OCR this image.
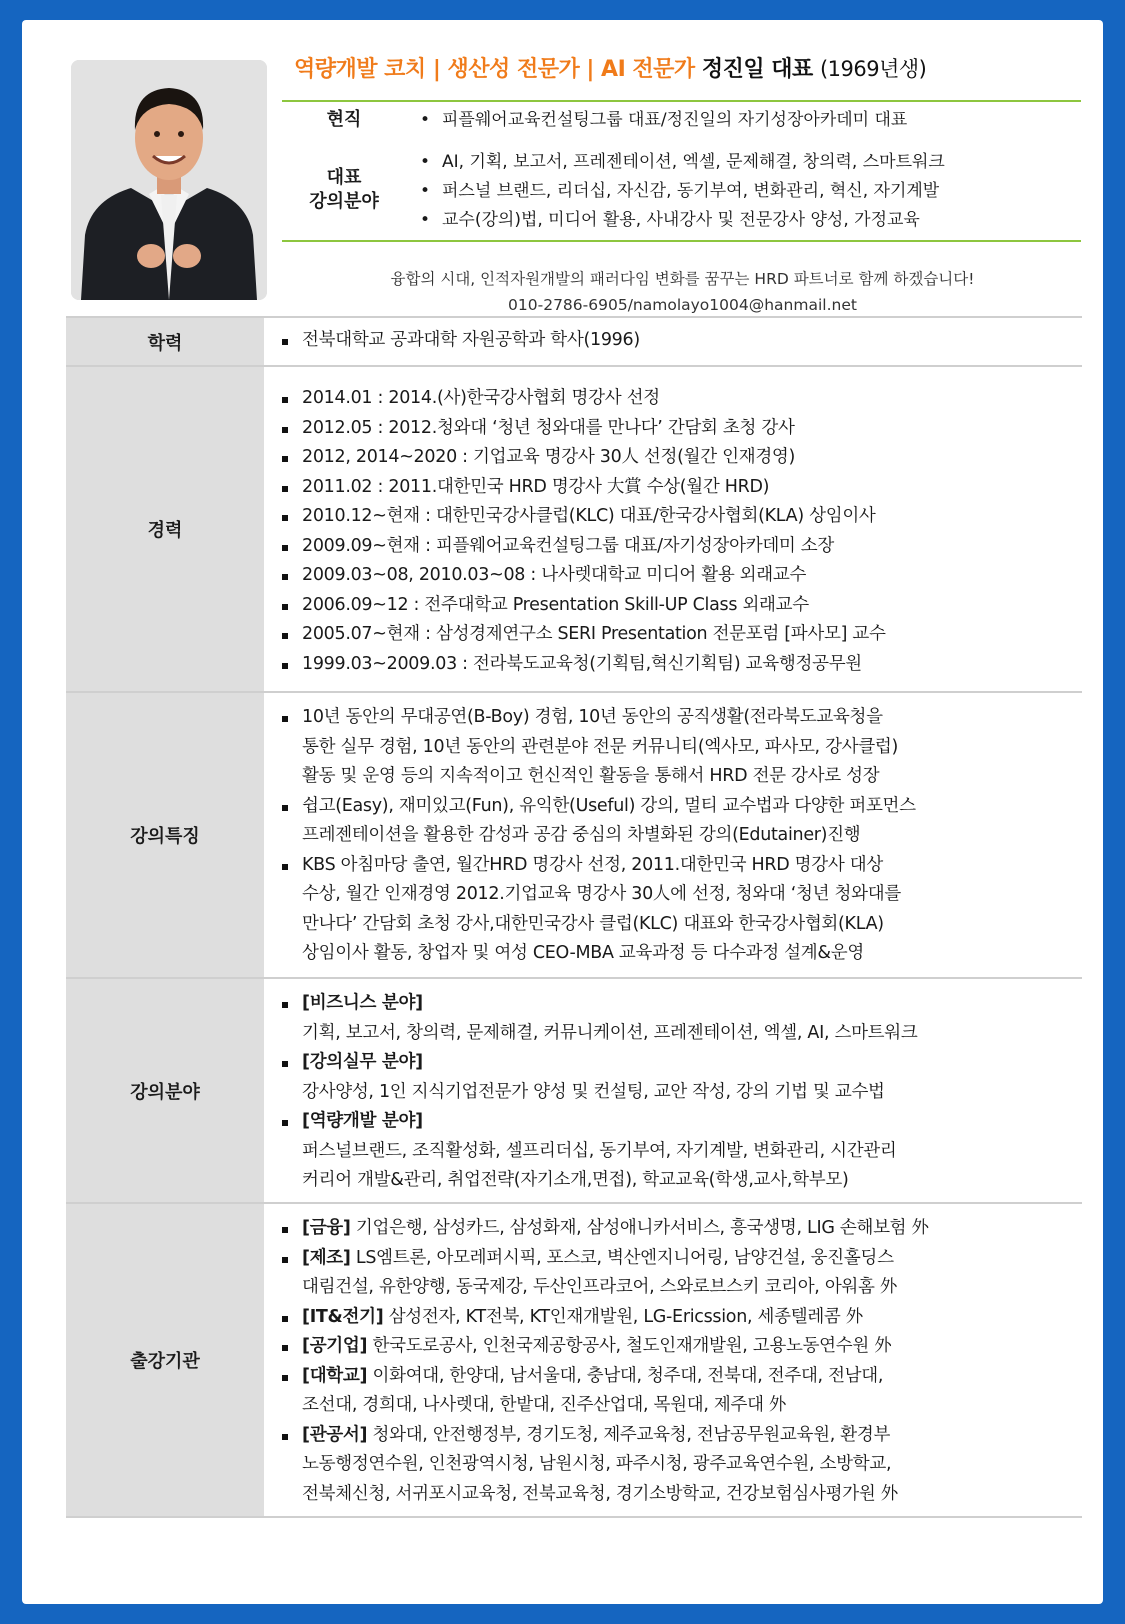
역량개발 코치 | 생산성 전문가 | AI 전문가 정진일 대표 (1969년생)
현직	• 피플웨어교육컨설팅그룹 대표/정진일의 자기성장아카데미 대표
대표
강의분야
• AI, 기획, 보고서, 프레젠테이션, 엑셀, 문제해결, 창의력, 스마트워크
• 퍼스널 브랜드, 리더십, 자신감, 동기부여, 변화관리, 혁신, 자기계발
• 교수(강의)법, 미디어 활용, 사내강사 및 전문강사 양성, 가정교육
융합의 시대, 인적자원개발의 패러다임 변화를 꿈꾸는 HRD 파트너로 함께 하겠습니다!
010-2786-6905/namolayo1004@hanmail.net
학력	전북대학교 공과대학 자원공학과 학사(1996)
경력
2014.01 : 2014.(사)한국강사협회 명강사 선정
2012.05 : 2012.청와대 ‘청년 청와대를 만나다’ 간담회 초청 강사
2012, 2014~2020 : 기업교육 명강사 30人 선정(월간 인재경영)
2011.02 : 2011.대한민국 HRD 명강사 大賞 수상(월간 HRD)
2010.12~현재 : 대한민국강사클럽(KLC) 대표/한국강사협회(KLA) 상임이사
2009.09~현재 : 피플웨어교육컨설팅그룹 대표/자기성장아카데미 소장
2009.03~08, 2010.03~08 : 나사렛대학교 미디어 활용 외래교수
2006.09~12 : 전주대학교 Presentation Skill-UP Class 외래교수
2005.07~현재 : 삼성경제연구소 SERI Presentation 전문포럼 [파사모] 교수
1999.03~2009.03 : 전라북도교육청(기획팀,혁신기획팀) 교육행정공무원
강의특징
10년 동안의 무대공연(B-Boy) 경험, 10년 동안의 공직생활(전라북도교육청을
통한 실무 경험, 10년 동안의 관련분야 전문 커뮤니티(엑사모, 파사모, 강사클럽)
활동 및 운영 등의 지속적이고 헌신적인 활동을 통해서 HRD 전문 강사로 성장
쉽고(Easy), 재미있고(Fun), 유익한(Useful) 강의, 멀티 교수법과 다양한 퍼포먼스
프레젠테이션을 활용한 감성과 공감 중심의 차별화된 강의(Edutainer)진행
KBS 아침마당 출연, 월간HRD 명강사 선정, 2011.대한민국 HRD 명강사 대상
수상, 월간 인재경영 2012.기업교육 명강사 30人에 선정, 청와대 ‘청년 청와대를
만나다’ 간담회 초청 강사,대한민국강사 클럽(KLC) 대표와 한국강사협회(KLA)
상임이사 활동, 창업자 및 여성 CEO-MBA 교육과정 등 다수과정 설계&운영
강의분야
[비즈니스 분야]
기획, 보고서, 창의력, 문제해결, 커뮤니케이션, 프레젠테이션, 엑셀, AI, 스마트워크
[강의실무 분야]
강사양성, 1인 지식기업전문가 양성 및 컨설팅, 교안 작성, 강의 기법 및 교수법
[역량개발 분야]
퍼스널브랜드, 조직활성화, 셀프리더십, 동기부여, 자기계발, 변화관리, 시간관리
커리어 개발&관리, 취업전략(자기소개,면접), 학교교육(학생,교사,학부모)
출강기관
[금융] 기업은행, 삼성카드, 삼성화재, 삼성애니카서비스, 흥국생명, LIG 손해보험 外
[제조] LS엠트론, 아모레퍼시픽, 포스코, 벽산엔지니어링, 남양건설, 웅진홀딩스
대림건설, 유한양행, 동국제강, 두산인프라코어, 스와로브스키 코리아, 아워홈 外
[IT&전기] 삼성전자, KT전북, KT인재개발원, LG-Ericssion, 세종텔레콤 外
[공기업] 한국도로공사, 인천국제공항공사, 철도인재개발원, 고용노동연수원 外
[대학교] 이화여대, 한양대, 남서울대, 충남대, 청주대, 전북대, 전주대, 전남대,
조선대, 경희대, 나사렛대, 한밭대, 진주산업대, 목원대, 제주대 外
[관공서] 청와대, 안전행정부, 경기도청, 제주교육청, 전남공무원교육원, 환경부
노동행정연수원, 인천광역시청, 남원시청, 파주시청, 광주교육연수원, 소방학교,
전북체신청, 서귀포시교육청, 전북교육청, 경기소방학교, 건강보험심사평가원 外
